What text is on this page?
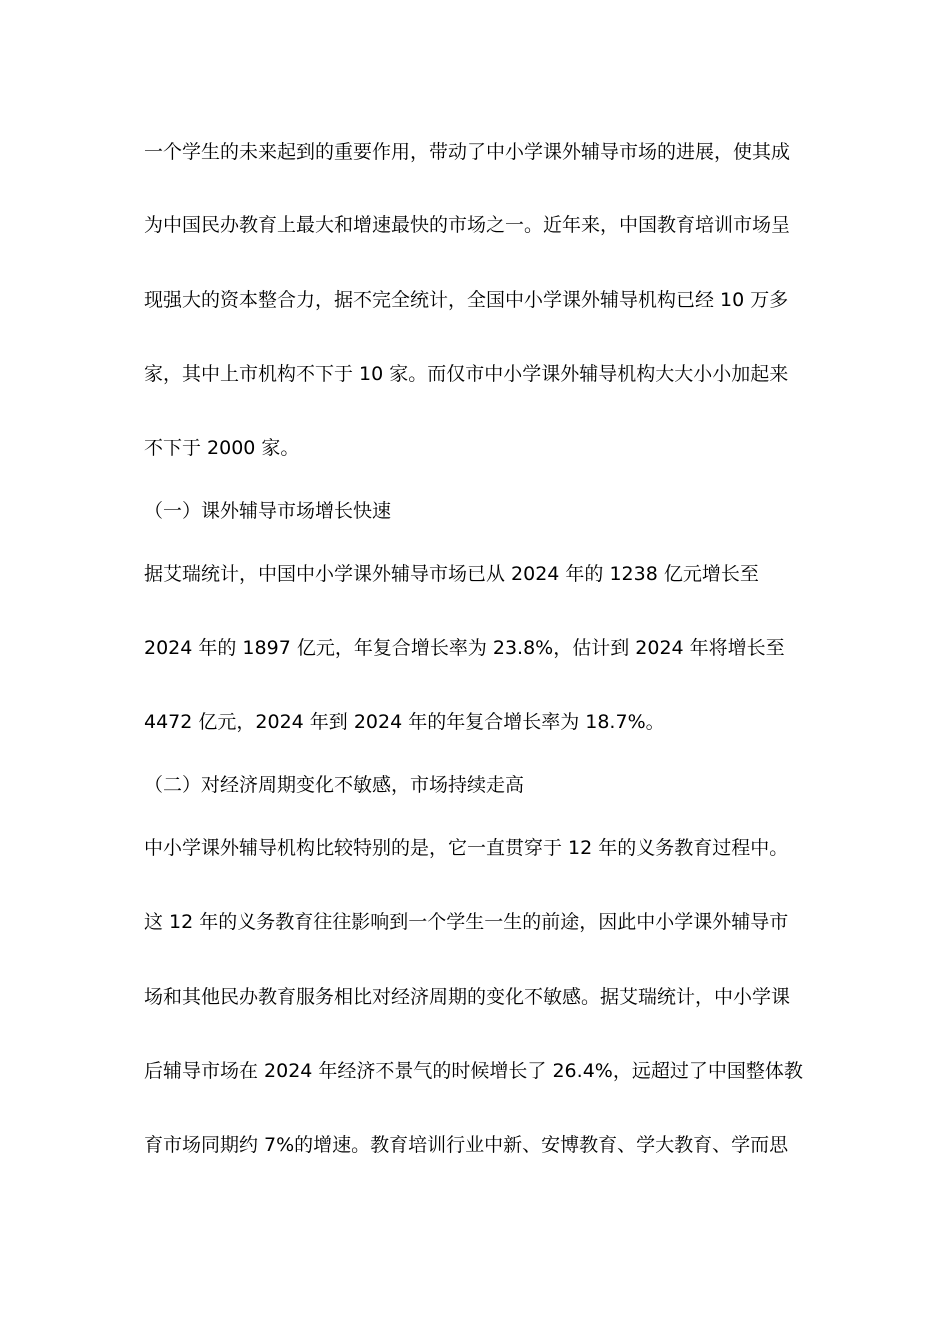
一个学生的未来起到的重要作用，带动了中小学课外辅导市场的进展，使其成
为中国民办教育上最大和增速最快的市场之一。近年来，中国教育培训市场呈
现强大的资本整合力，据不完全统计，全国中小学课外辅导机构已经 10 万多
家，其中上市机构不下于 10 家。而仅市中小学课外辅导机构大大小小加起来
不下于 2000 家。
（一）课外辅导市场增长快速
据艾瑞统计，中国中小学课外辅导市场已从 2024 年的 1238 亿元增长至
2024 年的 1897 亿元，年复合增长率为 23.8%，估计到 2024 年将增长至
4472 亿元，2024 年到 2024 年的年复合增长率为 18.7%。
（二）对经济周期变化不敏感，市场持续走高
中小学课外辅导机构比较特别的是，它一直贯穿于 12 年的义务教育过程中。
这 12 年的义务教育往往影响到一个学生一生的前途，因此中小学课外辅导市
场和其他民办教育服务相比对经济周期的变化不敏感。据艾瑞统计，中小学课
后辅导市场在 2024 年经济不景气的时候增长了 26.4%，远超过了中国整体教
育市场同期约 7%的增速。教育培训行业中新、安博教育、学大教育、学而思
